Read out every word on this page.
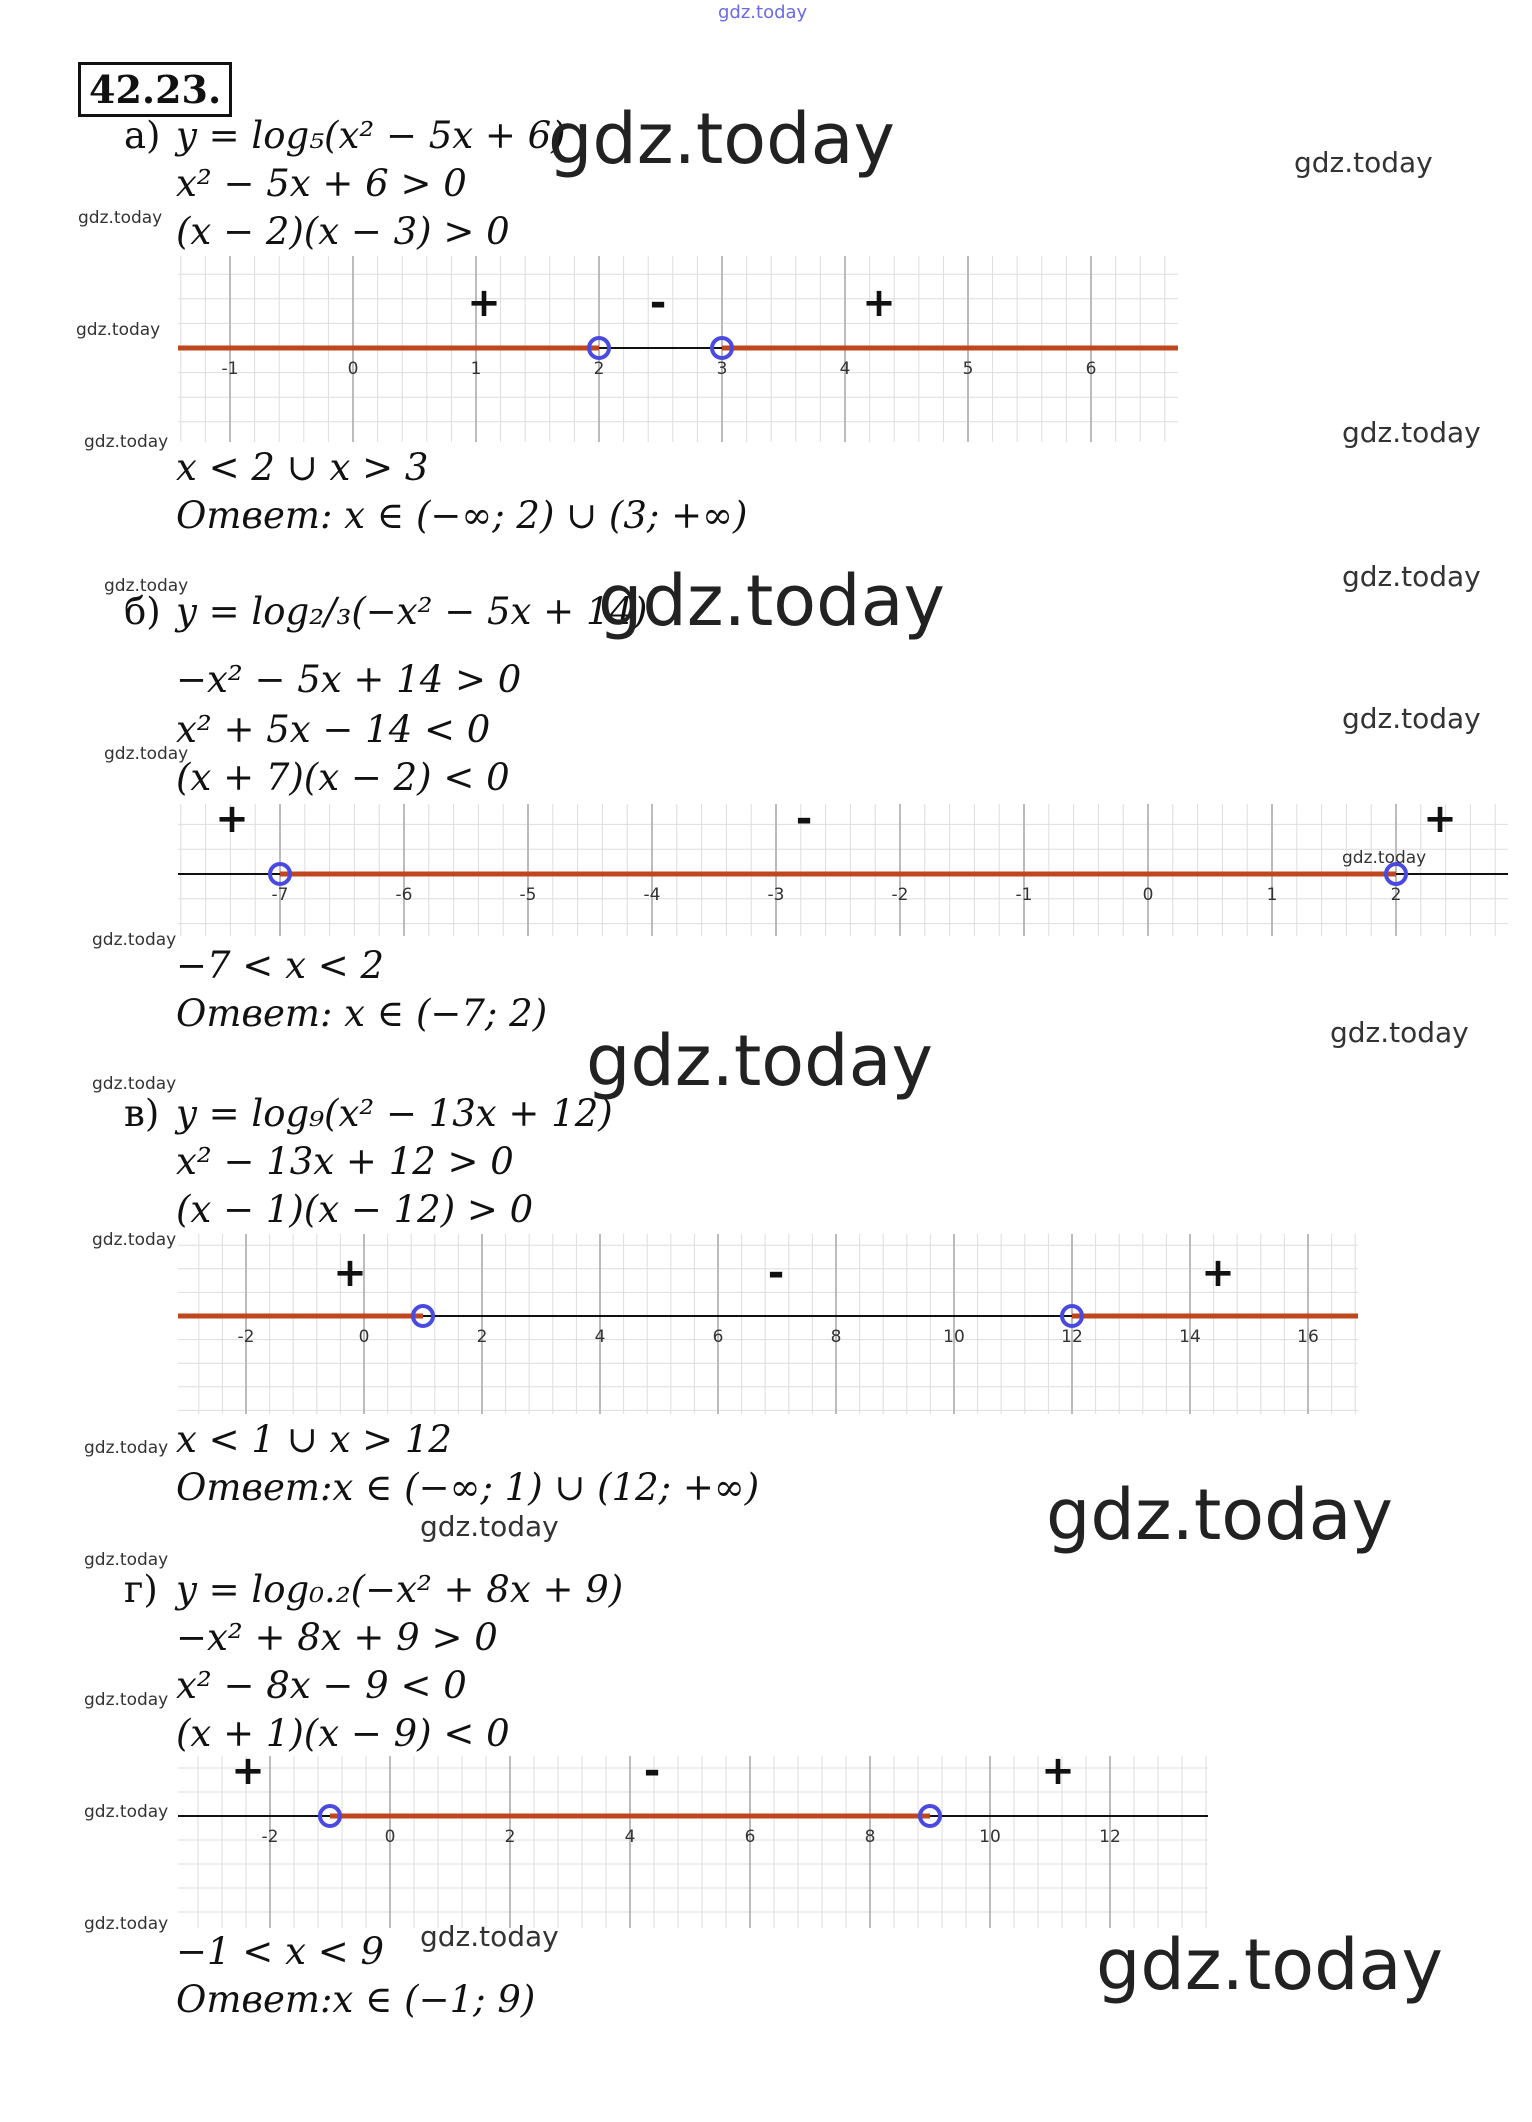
gdz.today
42.23.
а) y = log₅(x² − 5x + 6)
x² − 5x + 6 > 0
(x − 2)(x − 3) > 0
-1	0	1	2	3	4	5	6
+	-	+
x < 2 ∪ x > 3
Ответ: x ∈ (−∞; 2) ∪ (3; +∞)
б) y = log₂/₃(−x² − 5x + 14)
−x² − 5x + 14 > 0
x² + 5x − 14 < 0
(x + 7)(x − 2) < 0
-7	-6	-5	-4	-3	-2	-1	0	1	2
+	-	+
−7 < x < 2
Ответ: x ∈ (−7; 2)
в) y = log₉(x² − 13x + 12)
x² − 13x + 12 > 0
(x − 1)(x − 12) > 0
-2	0	2	4	6	8	10	12	14	16
+	-	+
x < 1 ∪ x > 12
Ответ:x ∈ (−∞; 1) ∪ (12; +∞)
г) y = log₀.₂(−x² + 8x + 9)
−x² + 8x + 9 > 0
x² − 8x − 9 < 0
(x + 1)(x − 9) < 0
-2	0	2	4	6	8	10	12
+	-	+
−1 < x < 9
Ответ:x ∈ (−1; 9)
gdz.today	gdz.today
gdz.today
gdz.today
gdz.today	gdz.today
gdz.today
gdz.today	gdz.today
gdz.today
gdz.today
gdz.today
gdz.today
gdz.today	gdz.today
gdz.today
gdz.today
gdz.today
gdz.today
gdz.today
gdz.today
gdz.today
gdz.today
gdz.today	gdz.today	gdz.today
